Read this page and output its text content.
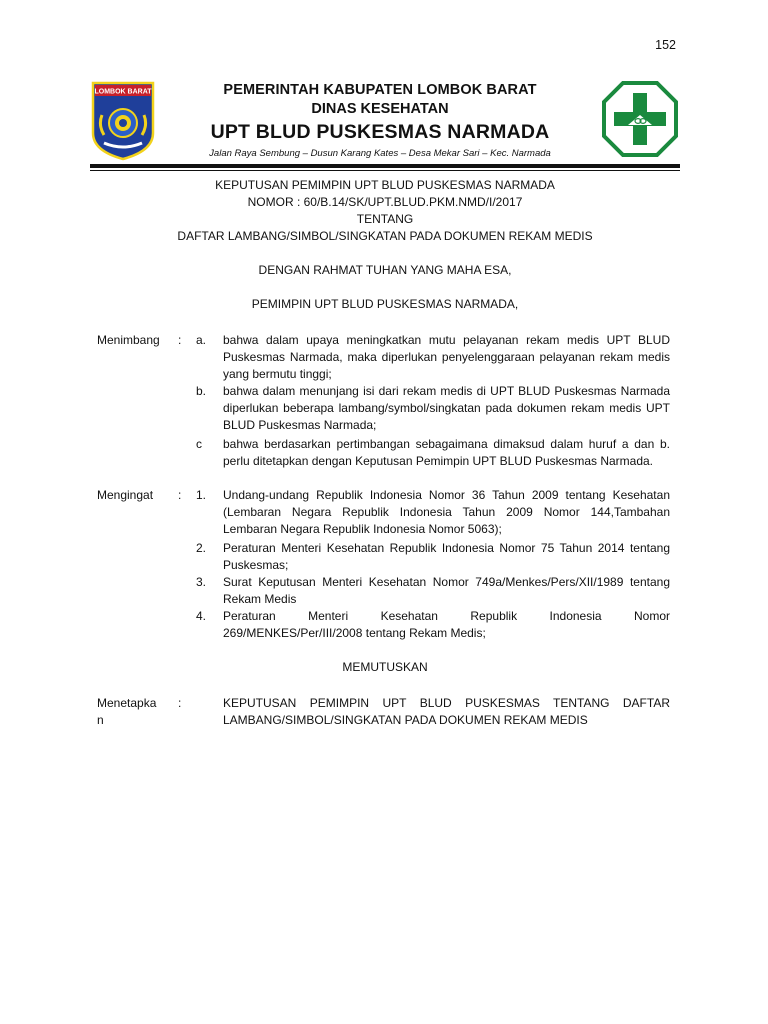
152
LOMBOK BARAT	PEMERINTAH KABUPATEN LOMBOK BARAT
DINAS KESEHATAN
UPT BLUD PUSKESMAS NARMADA
Jalan Raya Sembung – Dusun Karang Kates – Desa Mekar Sari – Kec. Narmada
KEPUTUSAN PEMIMPIN UPT BLUD PUSKESMAS NARMADA
NOMOR : 60/B.14/SK/UPT.BLUD.PKM.NMD/I/2017
TENTANG
DAFTAR LAMBANG/SIMBOL/SINGKATAN PADA DOKUMEN REKAM MEDIS
DENGAN RAHMAT TUHAN YANG MAHA ESA,
PEMIMPIN UPT BLUD PUSKESMAS NARMADA,
Menimbang : a. bahwa dalam upaya meningkatkan mutu pelayanan rekam medis UPT BLUD Puskesmas Narmada, maka diperlukan penyelenggaraan pelayanan rekam medis yang bermutu tinggi;
b. bahwa dalam menunjang isi dari rekam medis di UPT BLUD Puskesmas Narmada diperlukan beberapa lambang/symbol/singkatan pada dokumen rekam medis UPT BLUD Puskesmas Narmada;
c bahwa berdasarkan pertimbangan sebagaimana dimaksud dalam huruf a dan b. perlu ditetapkan dengan Keputusan Pemimpin UPT BLUD Puskesmas Narmada.
Mengingat : 1. Undang-undang Republik Indonesia Nomor 36 Tahun 2009 tentang Kesehatan (Lembaran Negara Republik Indonesia Tahun 2009 Nomor 144,Tambahan Lembaran Negara Republik Indonesia Nomor 5063);
2. Peraturan Menteri Kesehatan Republik Indonesia Nomor 75 Tahun 2014 tentang Puskesmas;
3. Surat Keputusan Menteri Kesehatan Nomor 749a/Menkes/Pers/XII/1989 tentang Rekam Medis
4. Peraturan Menteri Kesehatan Republik Indonesia Nomor
269/MENKES/Per/III/2008 tentang Rekam Medis;
MEMUTUSKAN
Menetapka
n
:	KEPUTUSAN PEMIMPIN UPT BLUD PUSKESMAS TENTANG DAFTAR LAMBANG/SIMBOL/SINGKATAN PADA DOKUMEN REKAM MEDIS
